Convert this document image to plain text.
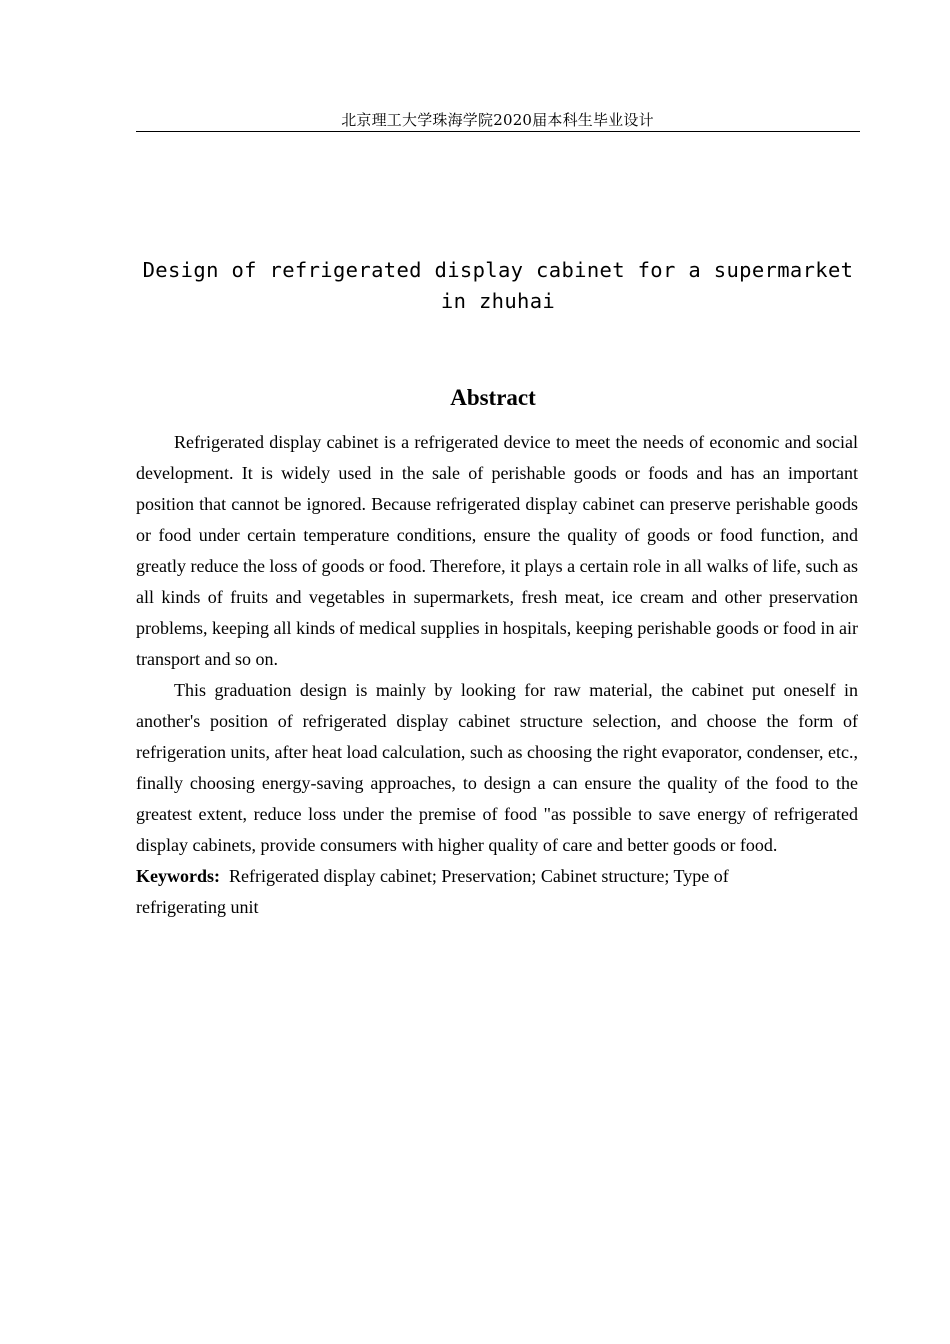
北京理工大学珠海学院2020届本科生毕业设计
Design of refrigerated display cabinet for a supermarket in zhuhai
Abstract

Refrigerated display cabinet is a refrigerated device to meet the needs of economic and social development. It is widely used in the sale of perishable goods or foods and has an important position that cannot be ignored. Because refrigerated display cabinet can preserve perishable goods or food under certain temperature conditions, ensure the quality of goods or food function, and greatly reduce the loss of goods or food. Therefore, it plays a certain role in all walks of life, such as all kinds of fruits and vegetables in supermarkets, fresh meat, ice cream and other preservation problems, keeping all kinds of medical supplies in hospitals, keeping perishable goods or food in air transport and so on.

This graduation design is mainly by looking for raw material, the cabinet put oneself in another's position of refrigerated display cabinet structure selection, and choose the form of refrigeration units, after heat load calculation, such as choosing the right evaporator, condenser, etc., finally choosing energy-saving approaches, to design a can ensure the quality of the food to the greatest extent, reduce loss under the premise of food "as possible to save energy of refrigerated display cabinets, provide consumers with higher quality of care and better goods or food.

Keywords: Refrigerated display cabinet; Preservation; Cabinet structure; Type of refrigerating unit
